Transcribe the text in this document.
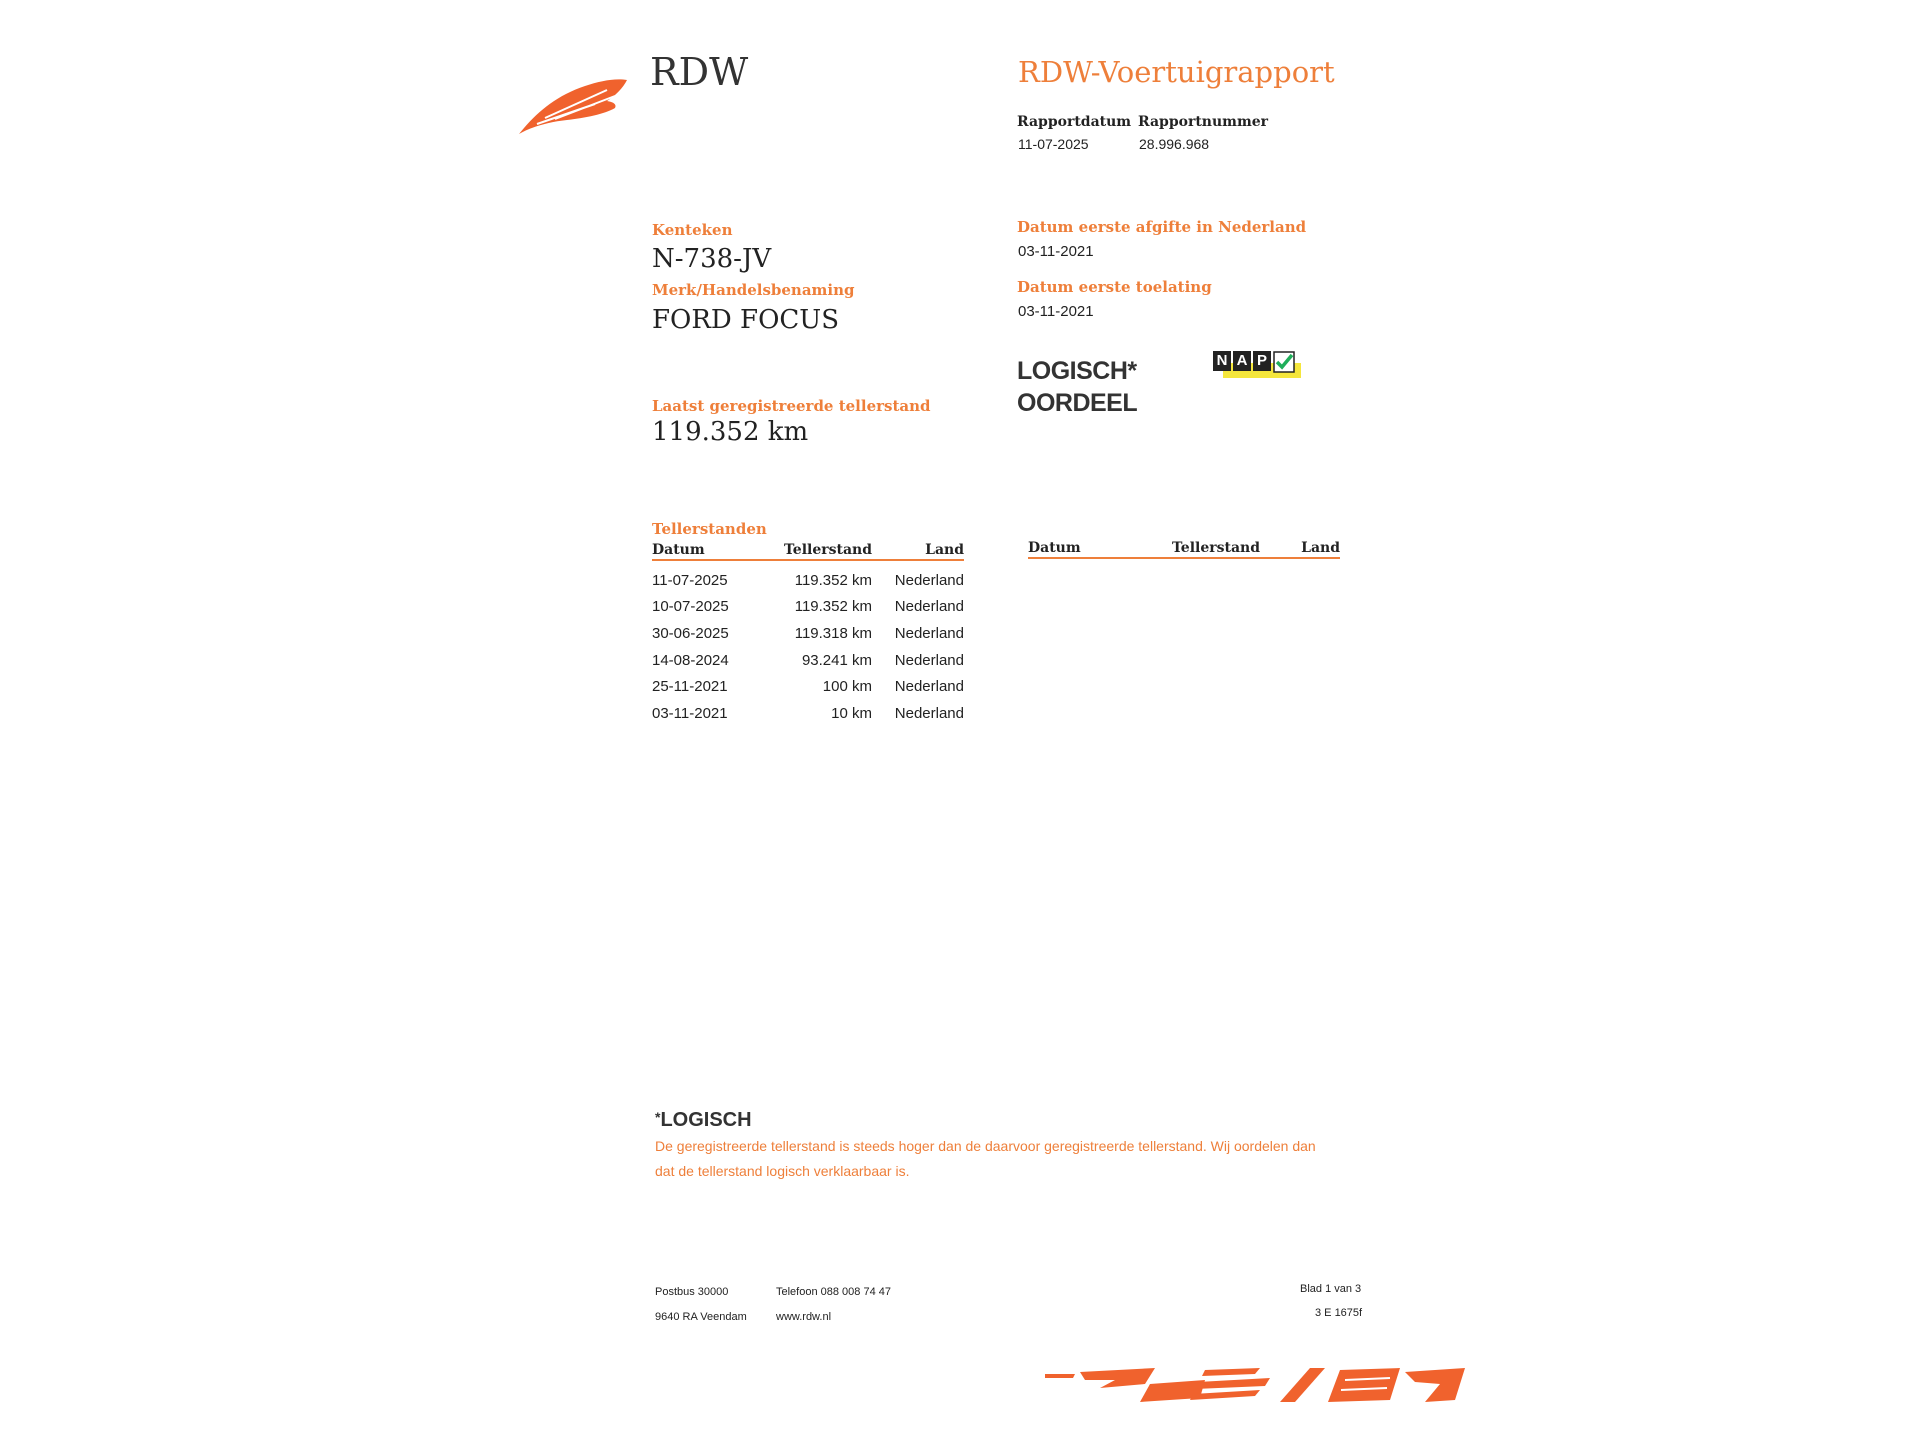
RDW	RDW-Voertuigrapport
Rapportdatum
11-07-2025
Rapportnummer
28.996.968
Kenteken
N-738-JV
Merk/Handelsbenaming
FORD FOCUS
Laatst geregistreerde tellerstand
119.352 km
Datum eerste afgifte in Nederland
03-11-2021
Datum eerste toelating
03-11-2021
LOGISCH*
OORDEEL
N A P
Tellerstanden
Datum	Tellerstand	Land
11-07-2025	119.352 km	Nederland
10-07-2025	119.352 km	Nederland
30-06-2025	119.318 km	Nederland
14-08-2024	93.241 km	Nederland
25-11-2021	100 km	Nederland
03-11-2021	10 km	Nederland
Datum	Tellerstand	Land
*LOGISCH
De geregistreerde tellerstand is steeds hoger dan de daarvoor geregistreerde tellerstand. Wij oordelen dan
dat de tellerstand logisch verklaarbaar is.
Postbus 30000
9640 RA Veendam
Telefoon 088 008 74 47
www.rdw.nl
Blad 1 van 3
3 E 1675f
